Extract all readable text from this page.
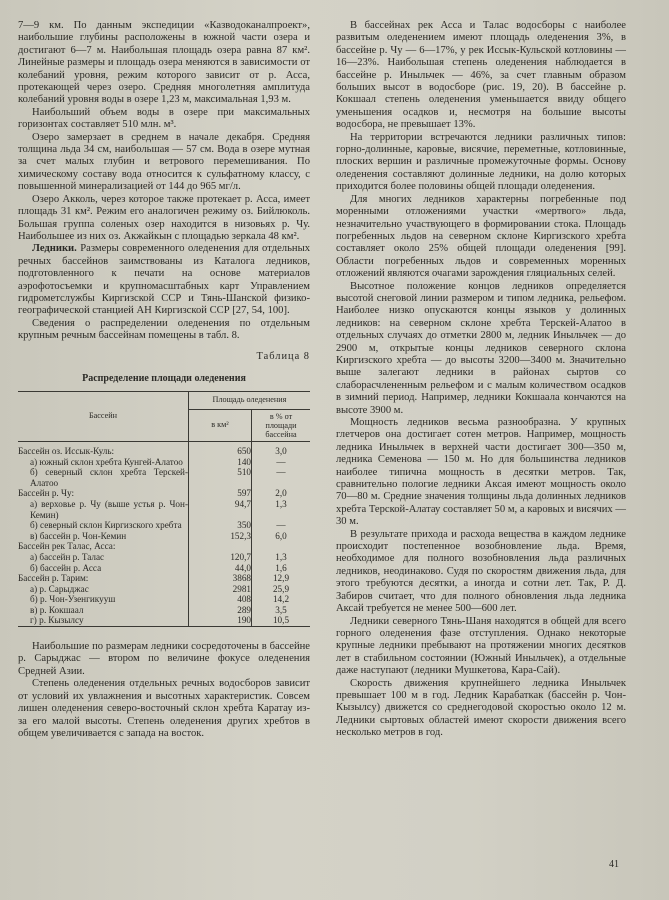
7—9 км. По данным экспедиции «Казводоканалпроект», наибольшие глубины расположены в южной части озера и достигают 6—7 м. Наибольшая площадь озера равна 87 км². Линейные размеры и площадь озера меняются в зависимости от колебаний уровня, режим которого зависит от р. Асса, протекающей через озеро. Средняя многолетняя амплитуда колебаний уровня воды в озере 1,23 м, максимальная 1,93 м.

Наибольший объем воды в озере при максимальных горизонтах составляет 510 млн. м³.

Озеро замерзает в среднем в начале декабря. Средняя толщина льда 34 см, наибольшая — 57 см. Вода в озере мутная за счет малых глубин и ветрового перемешивания. По химическому составу вода относится к сульфатному классу, с повышенной минерализацией от 144 до 965 мг/л.

Озеро Акколь, через которое также протекает р. Асса, имеет площадь 31 км². Режим его аналогичен режиму оз. Бийлюколь. Большая группа соленых озер находится в низовьях р. Чу. Наибольшее из них оз. Акжайкын с площадью зеркала 48 км².

Ледники. Размеры современного оледенения для отдельных речных бассейнов заимствованы из Каталога ледников, подготовленного к печати на основе материалов аэрофотосъемки и крупномасштабных карт Управлением гидрометслужбы Киргизской ССР и Тянь-Шанской физико-географической станцией АН Киргизской ССР [27, 54, 100].

Сведения о распределении оледенения по отдельным крупным речным бассейнам помещены в табл. 8.

Таблица 8
Распределение площади оледенения
Бассейн	Площадь оледенения	
	в км²	в % от площади бассейна
Бассейн оз. Иссык-Куль:	650	3,0
а) южный склон хребта Кунгей-Алатоо	140	—
б) северный склон хребта Терскей-Алатоо	510	—
Бассейн р. Чу:	597	2,0
а) верховье р. Чу (выше устья р. Чон-Кемин)	94,7	1,3
б) северный склон Киргизского хребта	350	—
в) бассейн р. Чон-Кемин	152,3	6,0
Бассейн рек Талас, Асса:		
а) бассейн р. Талас	120,7	1,3
б) бассейн р. Асса	44,0	1,6
Бассейн р. Тарим:	3868	12,9
а) р. Сарыджас	2981	25,9
б) р. Чон-Узенгикууш	408	14,2
в) р. Кокшаал	289	3,5
г) р. Кызылсу	190	10,5

Наибольшие по размерам ледники сосредоточены в бассейне р. Сарыджас — втором по величине фокусе оледенения Средней Азии.

Степень оледенения отдельных речных водосборов зависит от условий их увлажнения и высотных характеристик. Совсем лишен оледенения северо-восточный склон хребта Каратау из-за его малой высоты. Степень оледенения других хребтов в общем увеличивается с запада на восток.

В бассейнах рек Асса и Талас водосборы с наиболее развитым оледенением имеют площадь оледенения 3%, в бассейне р. Чу — 6—17%, у рек Иссык-Кульской котловины — 16—23%. Наибольшая степень оледенения наблюдается в бассейне р. Иныльчек — 46%, за счет главным образом больших высот в водосборе (рис. 19, 20). В бассейне р. Кокшаал степень оледенения уменьшается ввиду общего уменьшения осадков и, несмотря на большие высоты водосбора, не превышает 13%.

На территории встречаются ледники различных типов: горно-долинные, каровые, висячие, переметные, котловинные, плоских вершин и различные промежуточные формы. Основу оледенения составляют долинные ледники, на долю которых приходится более половины общей площади оледенения.

Для многих ледников характерны погребенные под моренными отложениями участки «мертвого» льда, незначительно участвующего в формировании стока. Площадь погребенных льдов на северном склоне Киргизского хребта составляет около 25% общей площади оледенения [99]. Области погребенных льдов и современных моренных отложений являются очагами зарождения гляциальных селей.

Высотное положение концов ледников определяется высотой снеговой линии размером и типом ледника, рельефом. Наиболее низко опускаются концы языков у долинных ледников: на северном склоне хребта Терскей-Алатоо в отдельных случаях до отметки 2800 м, ледник Иныльчек — до 2900 м, открытые концы ледников северного склона Киргизского хребта — до высоты 3200—3400 м. Значительно выше залегают ледники в районах сыртов со слаборасчлененным рельефом и с малым количеством осадков в зимний период. Например, ледники Кокшаала кончаются на высоте 3900 м.

Мощность ледников весьма разнообразна. У крупных глетчеров она достигает сотен метров. Например, мощность ледника Иныльчек в верхней части достигает 300—350 м, ледника Семенова — 150 м. Но для большинства ледников наиболее типична мощность в десятки метров. Так, сравнительно пологие ледники Аксая имеют мощность около 70—80 м. Средние значения толщины льда долинных ледников хребта Терской-Алатау составляет 50 м, а каровых и висячих — 30 м.

В результате прихода и расхода вещества в каждом леднике происходит постепенное возобновление льда. Время, необходимое для полного возобновления льда различных ледников, неодинаково. Судя по скоростям движения льда, для этого требуются десятки, а иногда и сотни лет. Так, Р. Д. Забиров считает, что для полного обновления льда ледника Аксай требуется не менее 500—600 лет.

Ледники северного Тянь-Шаня находятся в общей для всего горного оледенения фазе отступления. Однако некоторые крупные ледники пребывают на протяжении многих десятков лет в стабильном состоянии (Южный Иныльчек), а отдельные даже наступают (ледники Мушкетова, Кара-Сай).

Скорость движения крупнейшего ледника Иныльчек превышает 100 м в год. Ледник Карабаткак (бассейн р. Чон-Кызылсу) движется со среднегодовой скоростью около 12 м. Ледники сыртовых областей имеют скорости движения всего несколько метров в год.

41
